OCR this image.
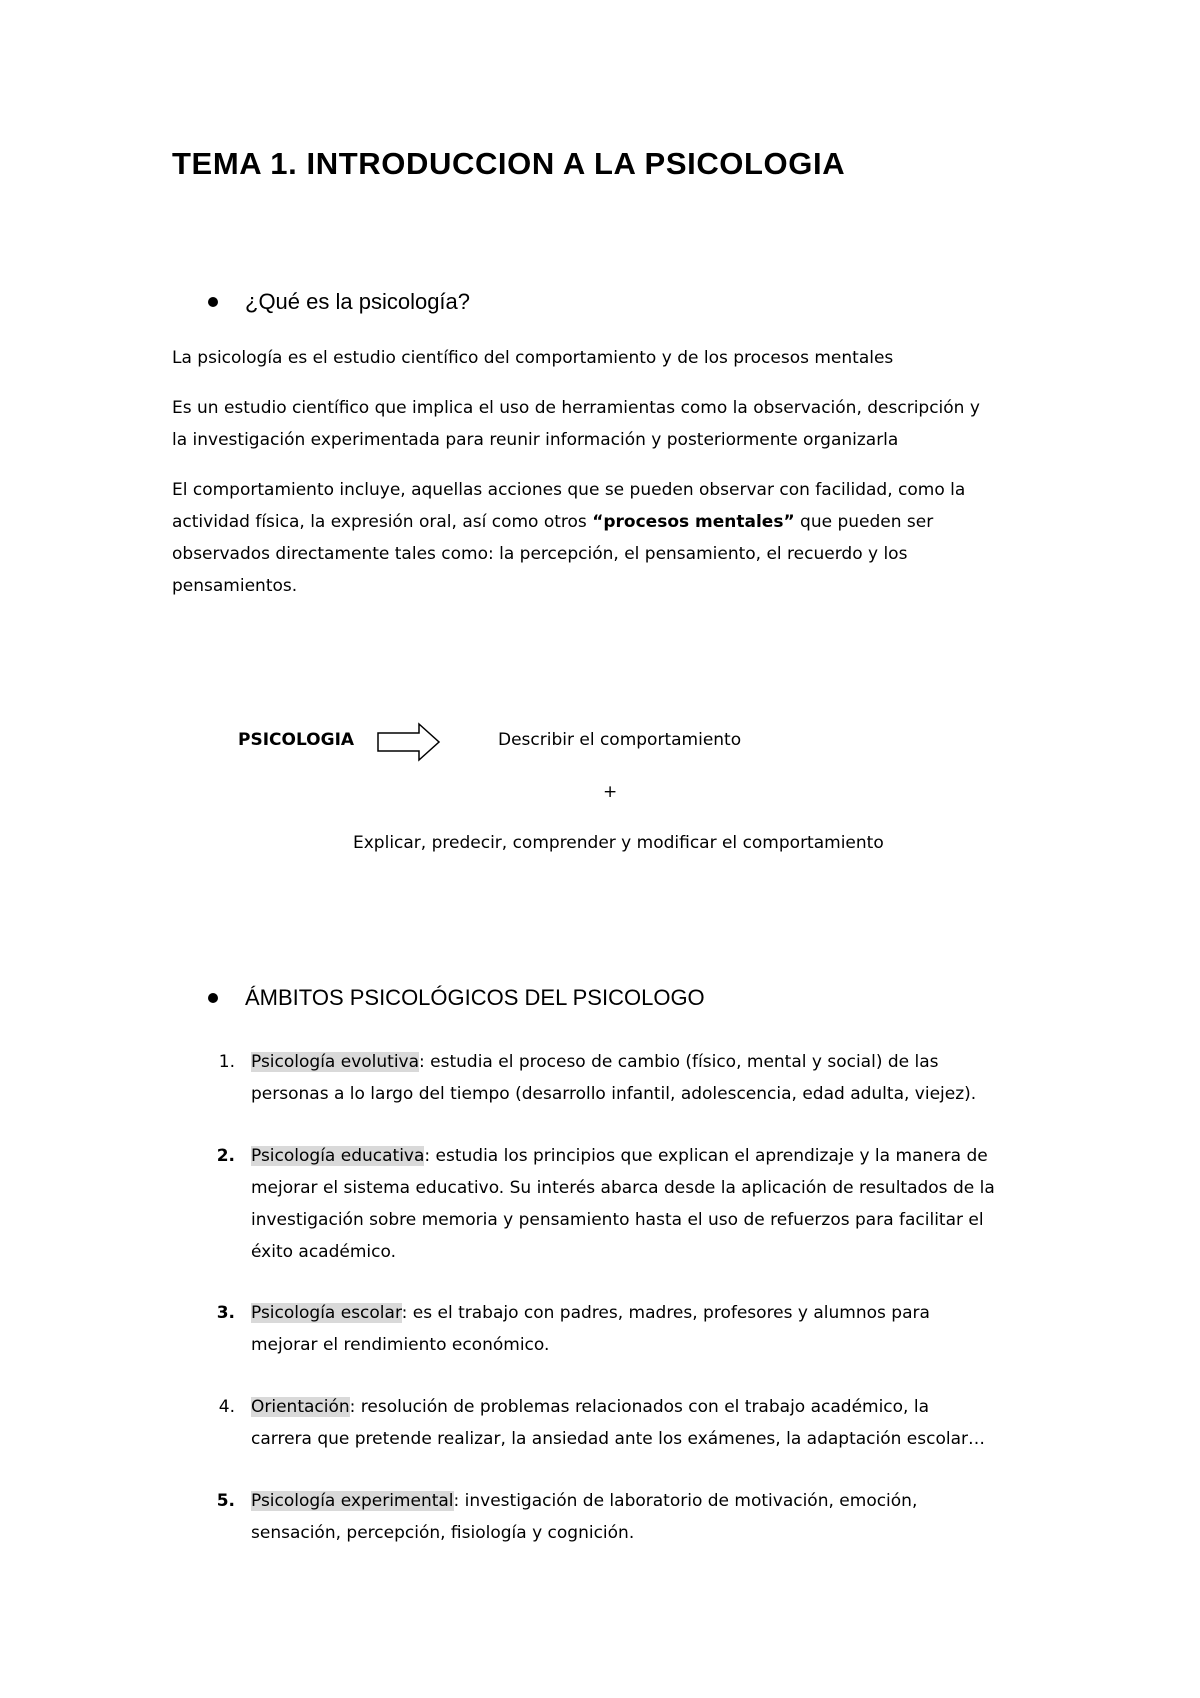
TEMA 1. INTRODUCCION A LA PSICOLOGIA
¿Qué es la psicología?
La psicología es el estudio científico del comportamiento y de los procesos mentales
Es un estudio científico que implica el uso de herramientas como la observación, descripción y
la investigación experimentada para reunir información y posteriormente organizarla
El comportamiento incluye, aquellas acciones que se pueden observar con facilidad, como la
actividad física, la expresión oral, así como otros “procesos mentales” que pueden ser
observados directamente tales como: la percepción, el pensamiento, el recuerdo y los
pensamientos.
PSICOLOGIA	Describir el comportamiento
+
Explicar, predecir, comprender y modificar el comportamiento
ÁMBITOS PSICOLÓGICOS DEL PSICOLOGO
1. Psicología evolutiva: estudia el proceso de cambio (físico, mental y social) de las
personas a lo largo del tiempo (desarrollo infantil, adolescencia, edad adulta, viejez).
2. Psicología educativa: estudia los principios que explican el aprendizaje y la manera de
mejorar el sistema educativo. Su interés abarca desde la aplicación de resultados de la
investigación sobre memoria y pensamiento hasta el uso de refuerzos para facilitar el
éxito académico.
3. Psicología escolar: es el trabajo con padres, madres, profesores y alumnos para
mejorar el rendimiento económico.
4. Orientación: resolución de problemas relacionados con el trabajo académico, la
carrera que pretende realizar, la ansiedad ante los exámenes, la adaptación escolar…
5. Psicología experimental: investigación de laboratorio de motivación, emoción,
sensación, percepción, fisiología y cognición.
